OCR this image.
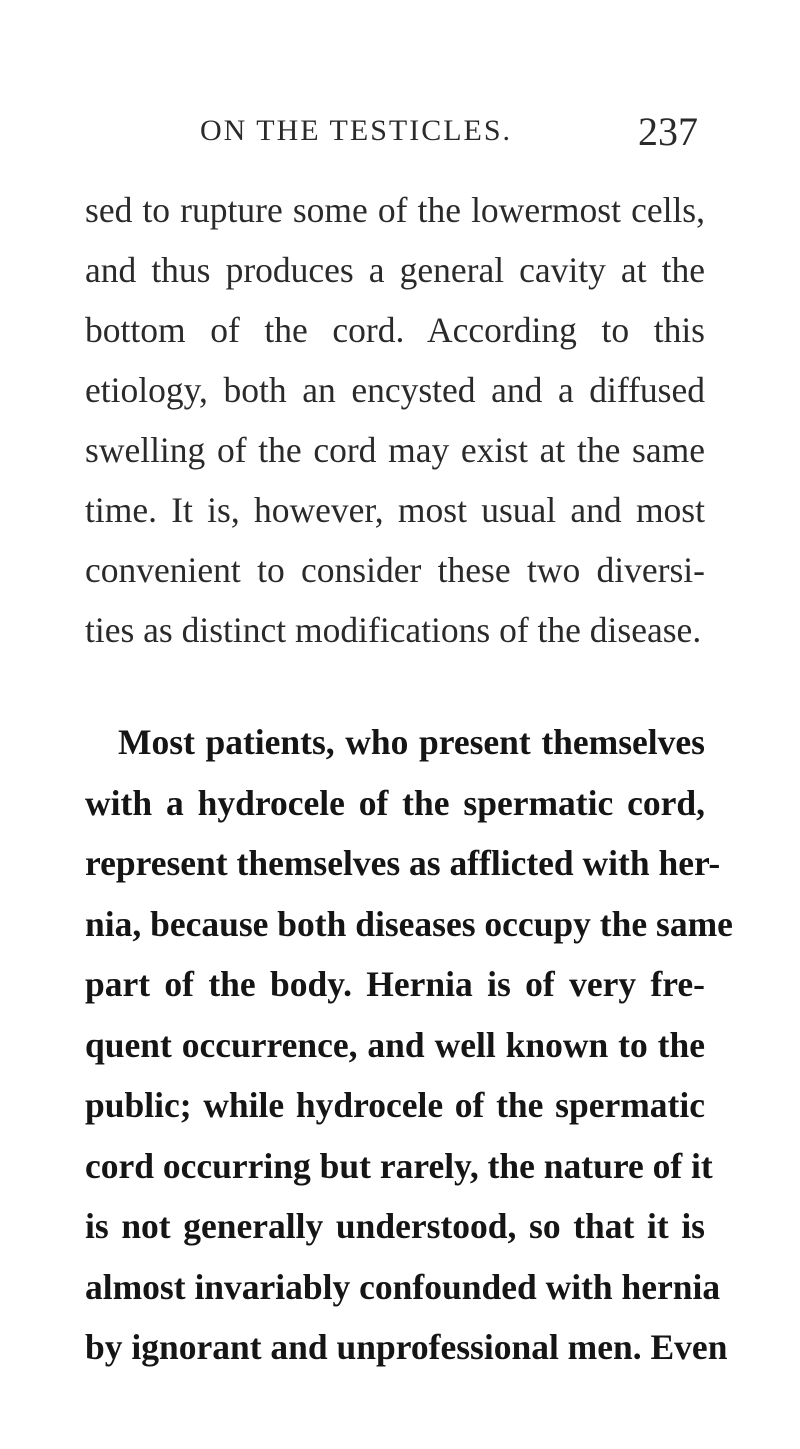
ON THE TESTICLES.	237

sed to rupture some of the lowermost cells,
and thus produces a general cavity at the
bottom of the cord. According to this
etiology, both an encysted and a diffused
swelling of the cord may exist at the same
time. It is, however, most usual and most
convenient to consider these two diversi-
ties as distinct modifications of the disease.

Most patients, who present themselves
with a hydrocele of the spermatic cord,
represent themselves as afflicted with her-
nia, because both diseases occupy the same
part of the body. Hernia is of very fre-
quent occurrence, and well known to the
public; while hydrocele of the spermatic
cord occurring but rarely, the nature of it
is not generally understood, so that it is
almost invariably confounded with hernia
by ignorant and unprofessional men. Even
